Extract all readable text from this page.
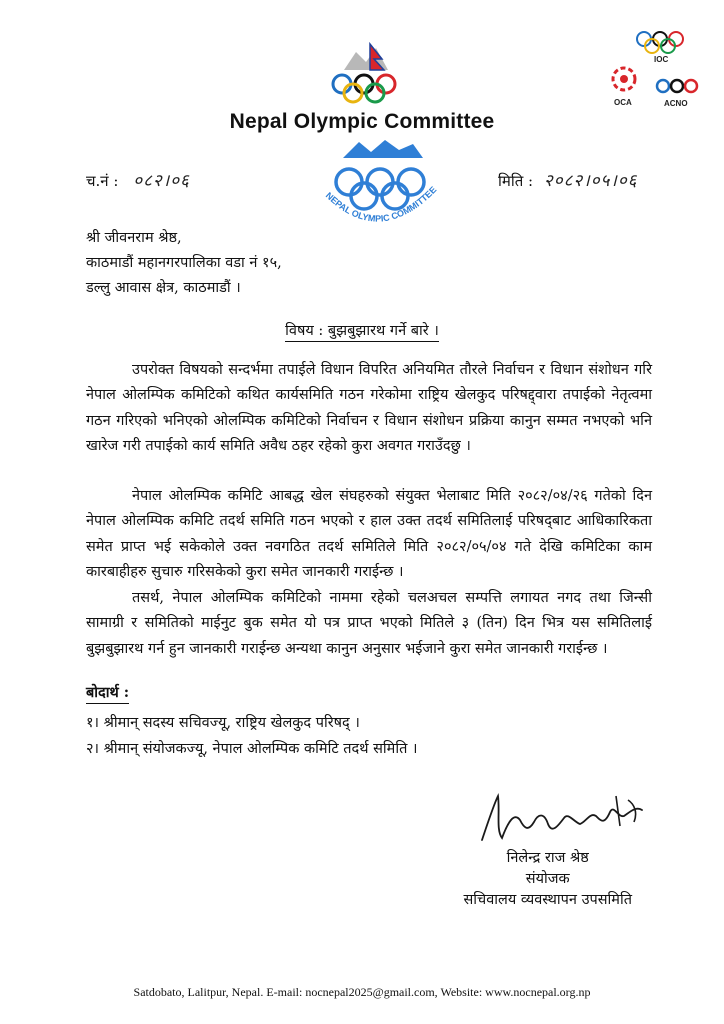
IOC
OCA	ACNO
Nepal Olympic Committee
च.नं : ०८२।०६	मिति : २०८२।०५।०६
NEPAL OLYMPIC COMMITTEE
श्री जीवनराम श्रेष्ठ,
काठमाडौं महानगरपालिका वडा नं १५,
डल्लु आवास क्षेत्र, काठमाडौं ।
विषय : बुझबुझारथ गर्ने बारे ।

उपरोक्त विषयको सन्दर्भमा तपाईले विधान विपरित अनियमित तौरले निर्वाचन र विधान संशोधन गरि नेपाल ओलम्पिक कमिटिको कथित कार्यसमिति गठन गरेकोमा राष्ट्रिय खेलकुद परिषद्द्वारा तपाईको नेतृत्वमा गठन गरिएको भनिएको ओलम्पिक कमिटिको निर्वाचन र विधान संशोधन प्रक्रिया कानुन सम्मत नभएको भनि खारेज गरी तपाईको कार्य समिति अवैध ठहर रहेको कुरा अवगत गराउँदछु ।

नेपाल ओलम्पिक कमिटि आबद्ध खेल संघहरुको संयुक्त भेलाबाट मिति २०८२/०४/२६ गतेको दिन नेपाल ओलम्पिक कमिटि तदर्थ समिति गठन भएको र हाल उक्त तदर्थ समितिलाई परिषद्‌बाट आधिकारिकता समेत प्राप्त भई सकेकोले उक्त नवगठित तदर्थ समितिले मिति २०८२/०५/०४ गते देखि कमिटिका काम कारबाहीहरु सुचारु गरिसकेको कुरा समेत जानकारी गराईन्छ ।

तसर्थ, नेपाल ओलम्पिक कमिटिको नाममा रहेको चलअचल सम्पत्ति लगायत नगद तथा जिन्सी सामाग्री र समितिको माईनुट बुक समेत यो पत्र प्राप्त भएको मितिले ३ (तिन) दिन भित्र यस समितिलाई बुझबुझारथ गर्न हुन जानकारी गराईन्छ अन्यथा कानुन अनुसार भईजाने कुरा समेत जानकारी गराईन्छ ।

बोदार्थ :
१। श्रीमान् सदस्य सचिवज्यू, राष्ट्रिय खेलकुद परिषद् ।
२। श्रीमान् संयोजकज्यू, नेपाल ओलम्पिक कमिटि तदर्थ समिति ।
निलेन्द्र राज श्रेष्ठ
संयोजक
सचिवालय व्यवस्थापन उपसमिति
Satdobato, Lalitpur, Nepal. E-mail: nocnepal2025@gmail.com, Website: www.nocnepal.org.np
